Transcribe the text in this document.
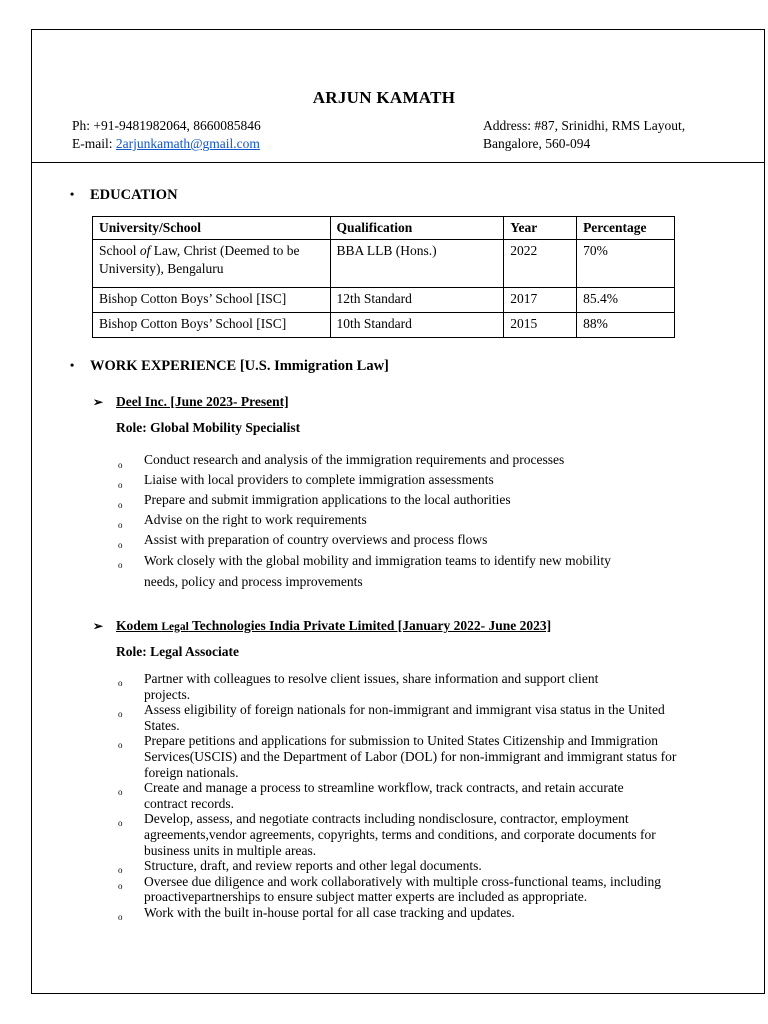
ARJUN KAMATH
Ph: +91-9481982064, 8660085846
E-mail: 2arjunkamath@gmail.com
Address: #87, Srinidhi, RMS Layout,
Bangalore, 560-094
• EDUCATION
University/School	Qualification	Year	Percentage
School of Law, Christ (Deemed to be University), Bengaluru	BBA LLB (Hons.)	2022	70%
Bishop Cotton Boys’ School [ISC]	12th Standard	2017	85.4%
Bishop Cotton Boys’ School [ISC]	10th Standard	2015	88%
• WORK EXPERIENCE [U.S. Immigration Law]
➢ Deel Inc. [June 2023- Present]
Role: Global Mobility Specialist
o Conduct research and analysis of the immigration requirements and processes
o Liaise with local providers to complete immigration assessments
o Prepare and submit immigration applications to the local authorities
o Advise on the right to work requirements
o Assist with preparation of country overviews and process flows
o Work closely with the global mobility and immigration teams to identify new mobility needs, policy and process improvements
➢ Kodem Legal Technologies India Private Limited [January 2022- June 2023]
Role: Legal Associate
o Partner with colleagues to resolve client issues, share information and support client projects.
o Assess eligibility of foreign nationals for non-immigrant and immigrant visa status in the United States.
o Prepare petitions and applications for submission to United States Citizenship and Immigration Services(USCIS) and the Department of Labor (DOL) for non-immigrant and immigrant status for foreign nationals.
o Create and manage a process to streamline workflow, track contracts, and retain accurate contract records.
o Develop, assess, and negotiate contracts including nondisclosure, contractor, employment agreements,vendor agreements, copyrights, terms and conditions, and corporate documents for business units in multiple areas.
o Structure, draft, and review reports and other legal documents.
o Oversee due diligence and work collaboratively with multiple cross-functional teams, including proactivepartnerships to ensure subject matter experts are included as appropriate.
o Work with the built in-house portal for all case tracking and updates.
